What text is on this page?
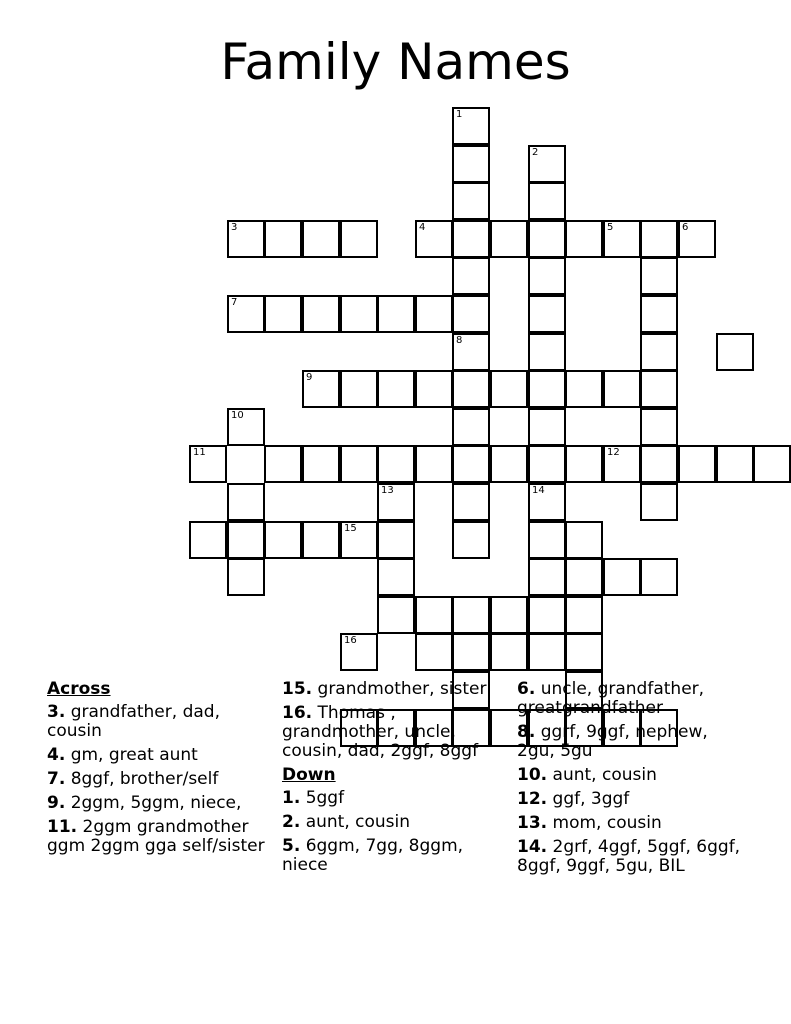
Family Names
1
8
2
14
3	4	5
7
12
15
16
6
9
10
11
13
Across
3. grandfather, dad, cousin
4. gm, great aunt
7. 8ggf, brother/self
9. 2ggm, 5ggm, niece,
11. 2ggm grandmother ggm 2ggm gga self/sister
15. grandmother, sister
16. Thomas , grandmother, uncle, cousin, dad, 2ggf, 8ggf
Down
1. 5ggf
2. aunt, cousin
5. 6ggm, 7gg, 8ggm, niece
6. uncle, grandfather, greatgrandfather
8. ggrf, 9ggf, nephew, 2gu, 5gu
10. aunt, cousin
12. ggf, 3ggf
13. mom, cousin
14. 2grf, 4ggf, 5ggf, 6ggf, 8ggf, 9ggf, 5gu, BIL
